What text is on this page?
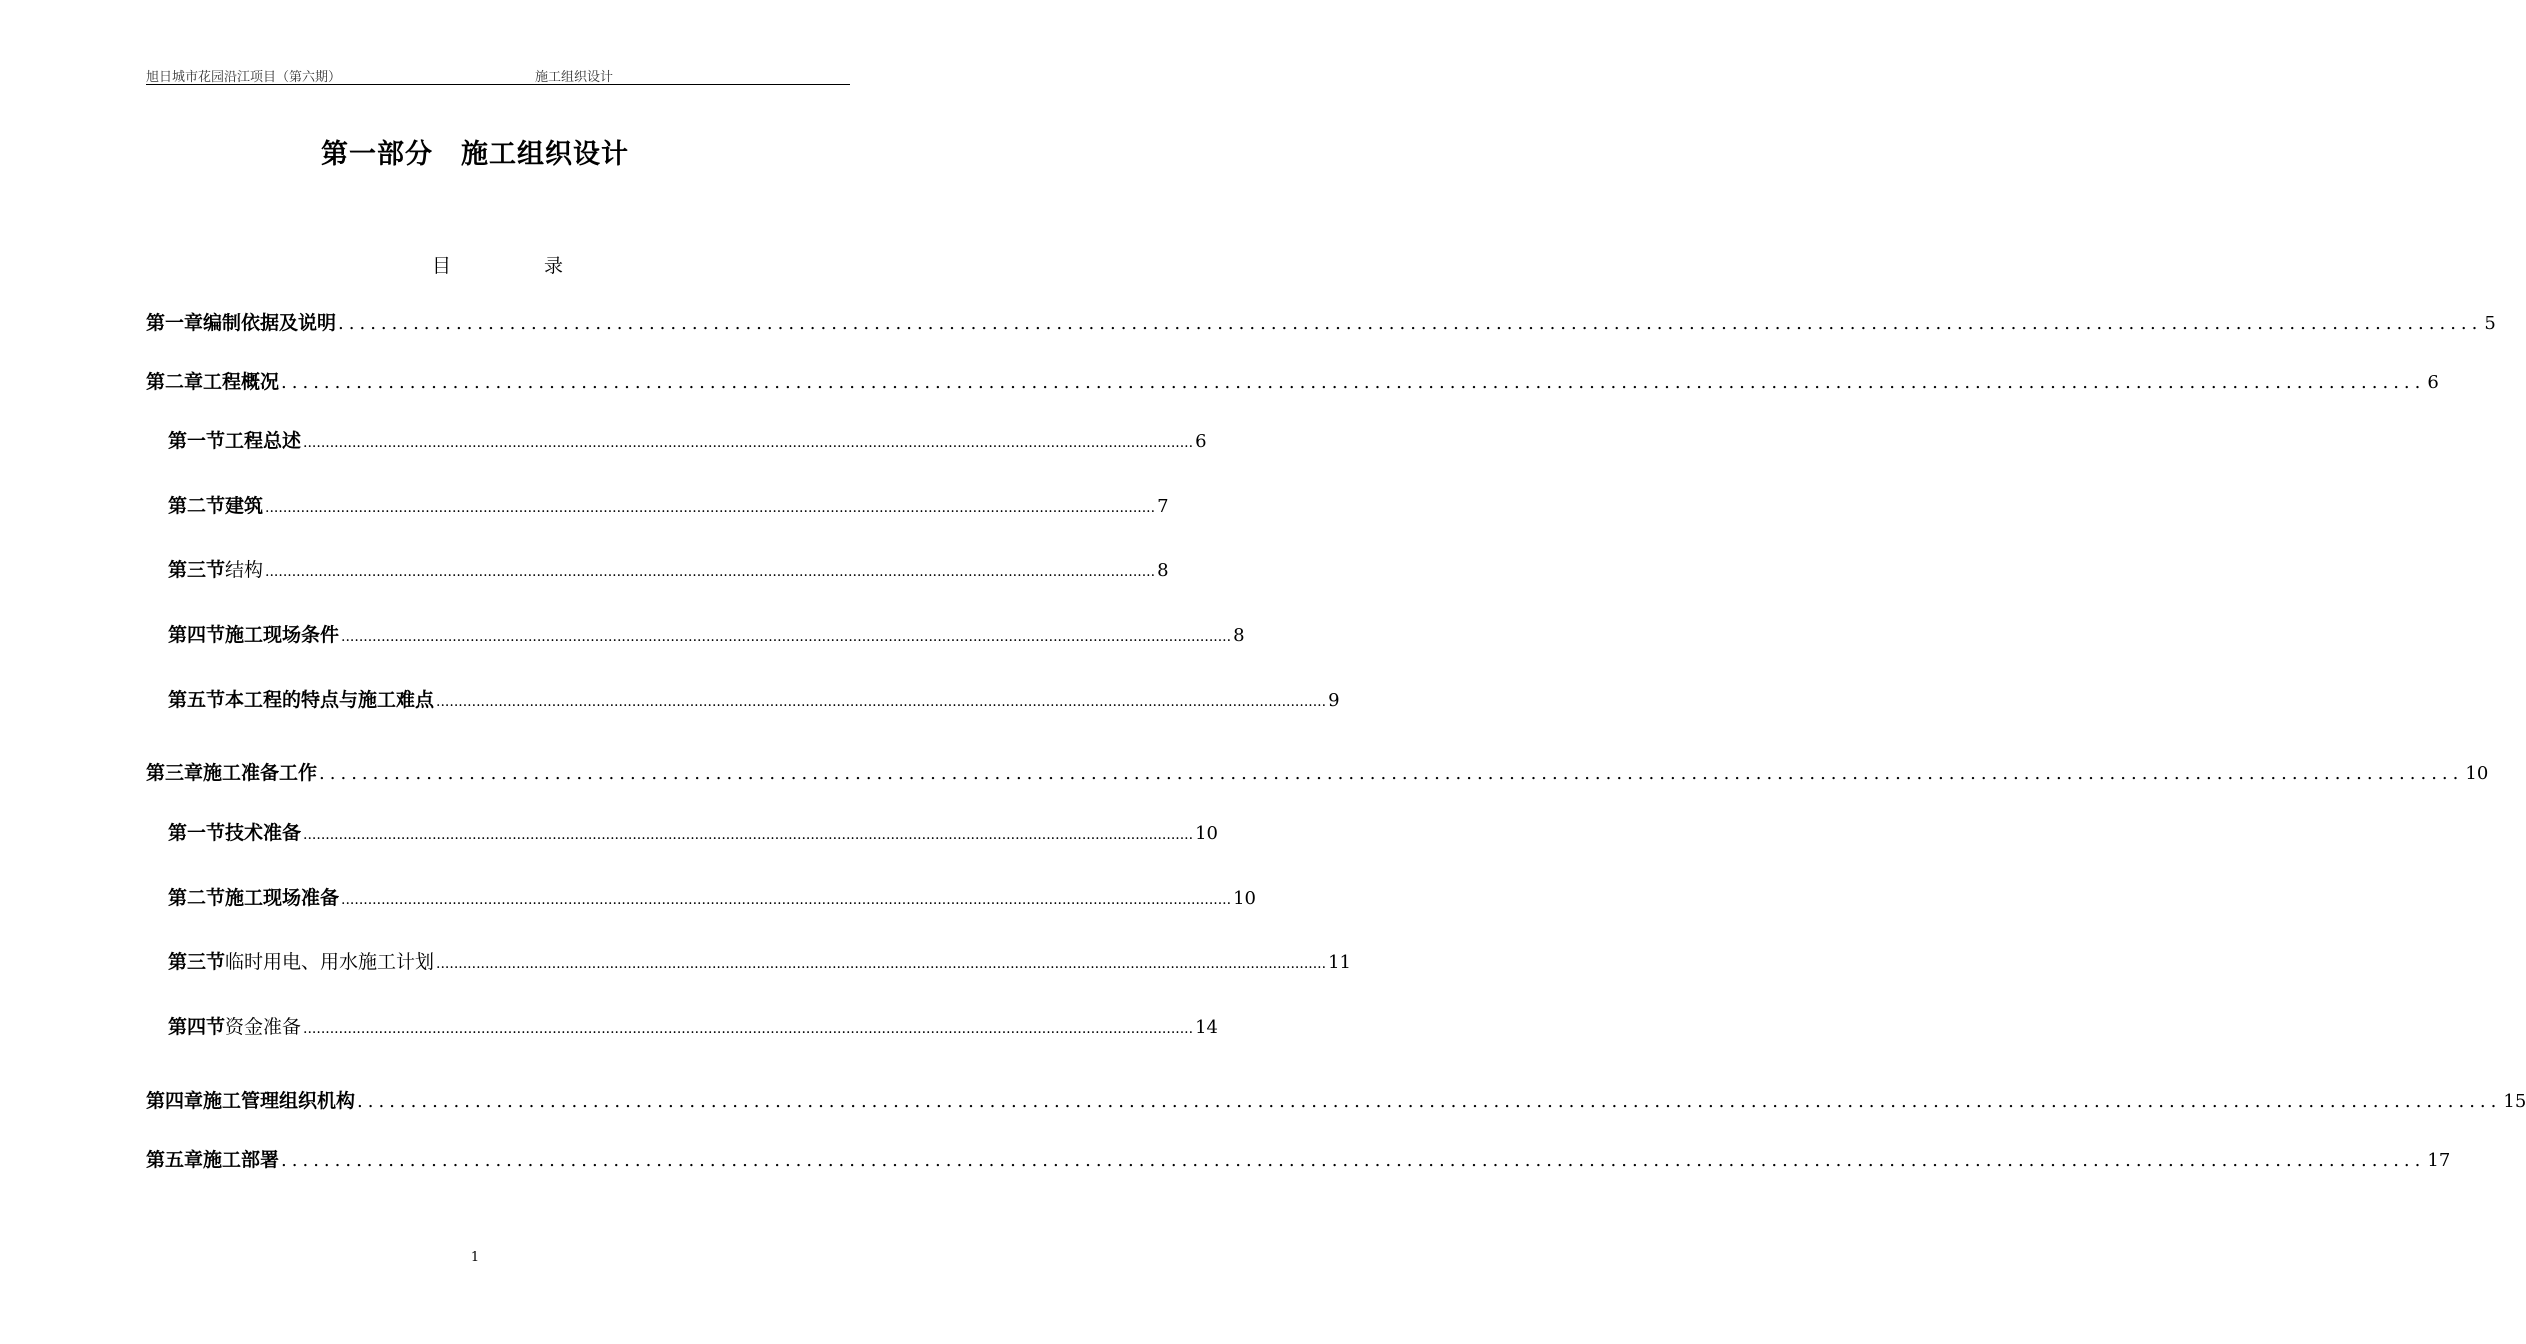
旭日城市花园沿江项目（第六期）	施工组织设计
第一部分　施工组织设计
目	录
第一章 编制依据及说明 ........................................................................................................................................................................................................ 5
第二章 工程概况 ........................................................................................................................................................................................................ 6
第一节 工程总述 ........................................................................................................................................................................................................ 6
第二节 建筑 ........................................................................................................................................................................................................ 7
第三节 结构 ........................................................................................................................................................................................................ 8
第四节 施工现场条件 ........................................................................................................................................................................................................ 8
第五节 本工程的特点与施工难点 ........................................................................................................................................................................................................ 9
第三章 施工准备工作 ........................................................................................................................................................................................................ 10
第一节 技术准备 ........................................................................................................................................................................................................ 10
第二节 施工现场准备 ........................................................................................................................................................................................................ 10
第三节 临时用电、用水施工计划 ........................................................................................................................................................................................................ 11
第四节 资金准备 ........................................................................................................................................................................................................ 14
第四章 施工管理组织机构 ........................................................................................................................................................................................................ 15
第五章 施工部署 ........................................................................................................................................................................................................ 17
1
